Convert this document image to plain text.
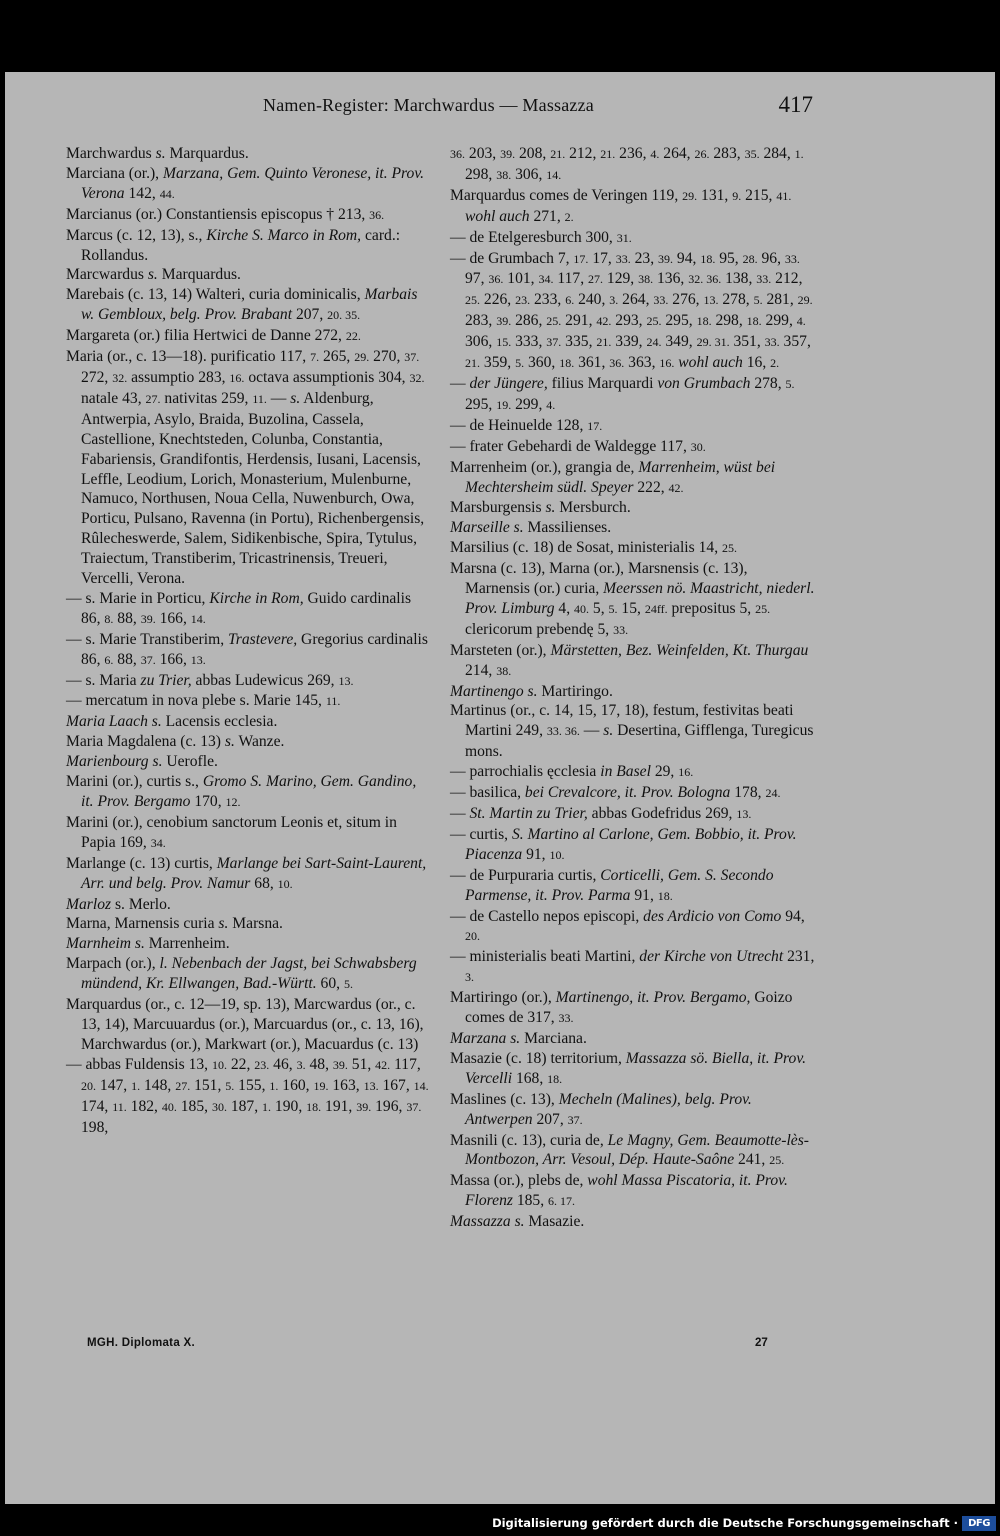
Namen-Register: Marchwardus — Massazza	417
Marchwardus s. Marquardus.
Marciana (or.), Marzana, Gem. Quinto Veronese, it. Prov. Verona 142, 44.
Marcianus (or.) Constantiensis episcopus † 213, 36.
Marcus (c. 12, 13), s., Kirche S. Marco in Rom, card.: Rollandus.
Marcwardus s. Marquardus.
Marebais (c. 13, 14) Walteri, curia dominicalis, Marbais w. Gembloux, belg. Prov. Brabant 207, 20. 35.
Margareta (or.) filia Hertwici de Danne 272, 22.
Maria (or., c. 13—18). purificatio 117, 7. 265, 29. 270, 37. 272, 32. assumptio 283, 16. octava assumptionis 304, 32. natale 43, 27. nativitas 259, 11. — s. Aldenburg, Antwerpia, Asylo, Braida, Buzolina, Cassela, Castellione, Knechtsteden, Colunba, Constantia, Fabariensis, Grandifontis, Herdensis, Iusani, Lacensis, Leffle, Leodium, Lorich, Monasterium, Mulenburne, Namuco, Northusen, Noua Cella, Nuwenburch, Owa, Porticu, Pulsano, Ravenna (in Portu), Richenbergensis, Rûlecheswerde, Salem, Sidikenbische, Spira, Tytulus, Traiectum, Transtiberim, Tricastrinensis, Treueri, Vercelli, Verona.
— s. Marie in Porticu, Kirche in Rom, Guido cardinalis 86, 8. 88, 39. 166, 14.
— s. Marie Transtiberim, Trastevere, Gregorius cardinalis 86, 6. 88, 37. 166, 13.
— s. Maria zu Trier, abbas Ludewicus 269, 13.
— mercatum in nova plebe s. Marie 145, 11.
Maria Laach s. Lacensis ecclesia.
Maria Magdalena (c. 13) s. Wanze.
Marienbourg s. Uerofle.
Marini (or.), curtis s., Gromo S. Marino, Gem. Gandino, it. Prov. Bergamo 170, 12.
Marini (or.), cenobium sanctorum Leonis et, situm in Papia 169, 34.
Marlange (c. 13) curtis, Marlange bei Sart-Saint-Laurent, Arr. und belg. Prov. Namur 68, 10.
Marloz s. Merlo.
Marna, Marnensis curia s. Marsna.
Marnheim s. Marrenheim.
Marpach (or.), l. Nebenbach der Jagst, bei Schwabsberg mündend, Kr. Ellwangen, Bad.-Württ. 60, 5.
Marquardus (or., c. 12—19, sp. 13), Marcwardus (or., c. 13, 14), Marcuuardus (or.), Marcuardus (or., c. 13, 16), Marchwardus (or.), Markwart (or.), Macuardus (c. 13)
— abbas Fuldensis 13, 10. 22, 23. 46, 3. 48, 39. 51, 42. 117, 20. 147, 1. 148, 27. 151, 5. 155, 1. 160, 19. 163, 13. 167, 14. 174, 11. 182, 40. 185, 30. 187, 1. 190, 18. 191, 39. 196, 37. 198,
36. 203, 39. 208, 21. 212, 21. 236, 4. 264, 26. 283, 35. 284, 1. 298, 38. 306, 14.
Marquardus comes de Veringen 119, 29. 131, 9. 215, 41. wohl auch 271, 2.
— de Etelgeresburch 300, 31.
— de Grumbach 7, 17. 17, 33. 23, 39. 94, 18. 95, 28. 96, 33. 97, 36. 101, 34. 117, 27. 129, 38. 136, 32. 36. 138, 33. 212, 25. 226, 23. 233, 6. 240, 3. 264, 33. 276, 13. 278, 5. 281, 29. 283, 39. 286, 25. 291, 42. 293, 25. 295, 18. 298, 18. 299, 4. 306, 15. 333, 37. 335, 21. 339, 24. 349, 29. 31. 351, 33. 357, 21. 359, 5. 360, 18. 361, 36. 363, 16. wohl auch 16, 2.
— der Jüngere, filius Marquardi von Grumbach 278, 5. 295, 19. 299, 4.
— de Heinuelde 128, 17.
— frater Gebehardi de Waldegge 117, 30.
Marrenheim (or.), grangia de, Marrenheim, wüst bei Mechtersheim südl. Speyer 222, 42.
Marsburgensis s. Mersburch.
Marseille s. Massilienses.
Marsilius (c. 18) de Sosat, ministerialis 14, 25.
Marsna (c. 13), Marna (or.), Marsnensis (c. 13), Marnensis (or.) curia, Meerssen nö. Maastricht, niederl. Prov. Limburg 4, 40. 5, 5. 15, 24ff. prepositus 5, 25. clericorum prebendę 5, 33.
Marsteten (or.), Märstetten, Bez. Weinfelden, Kt. Thurgau 214, 38.
Martinengo s. Martiringo.
Martinus (or., c. 14, 15, 17, 18), festum, festivitas beati Martini 249, 33. 36. — s. Desertina, Gifflenga, Turegicus mons.
— parrochialis ęcclesia in Basel 29, 16.
— basilica, bei Crevalcore, it. Prov. Bologna 178, 24.
— St. Martin zu Trier, abbas Godefridus 269, 13.
— curtis, S. Martino al Carlone, Gem. Bobbio, it. Prov. Piacenza 91, 10.
— de Purpuraria curtis, Corticelli, Gem. S. Secondo Parmense, it. Prov. Parma 91, 18.
— de Castello nepos episcopi, des Ardicio von Como 94, 20.
— ministerialis beati Martini, der Kirche von Utrecht 231, 3.
Martiringo (or.), Martinengo, it. Prov. Bergamo, Goizo comes de 317, 33.
Marzana s. Marciana.
Masazie (c. 18) territorium, Massazza sö. Biella, it. Prov. Vercelli 168, 18.
Maslines (c. 13), Mecheln (Malines), belg. Prov. Antwerpen 207, 37.
Masnili (c. 13), curia de, Le Magny, Gem. Beaumotte-lès-Montbozon, Arr. Vesoul, Dép. Haute-Saône 241, 25.
Massa (or.), plebs de, wohl Massa Piscatoria, it. Prov. Florenz 185, 6. 17.
Massazza s. Masazie.
MGH. Diplomata X.	27
Digitalisierung gefördert durch die Deutsche Forschungsgemeinschaft ·	DFG
